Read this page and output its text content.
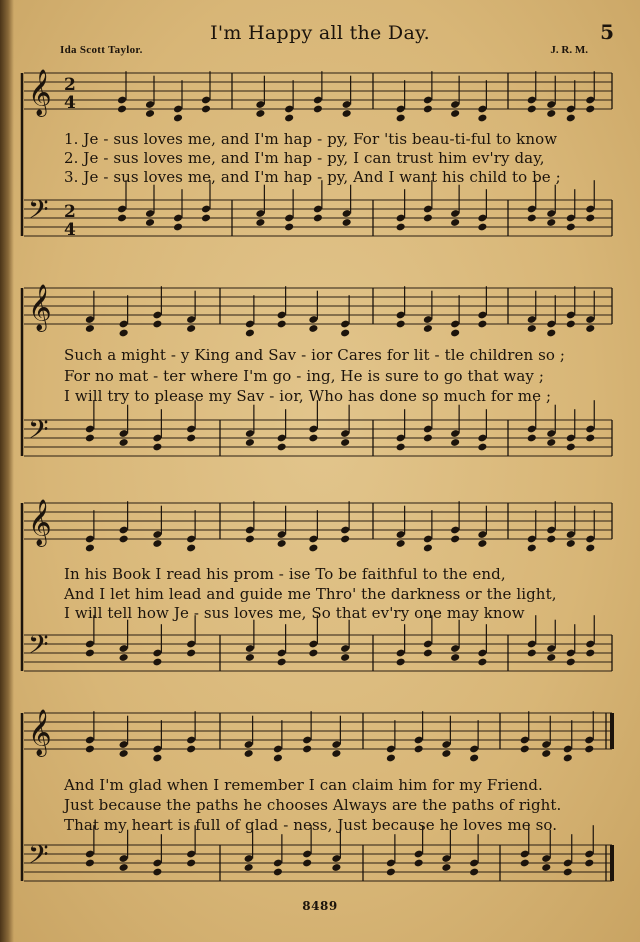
I'm Happy all the Day.	5
Ida Scott Taylor.	J. R. M.
𝄞 2
4
𝄢 2
4
1. Je - sus loves me, and I'm hap - py, For 'tis beau-ti-ful to know
2. Je - sus loves me, and I'm hap - py, I can trust him ev'ry day,
3. Je - sus loves me, and I'm hap - py, And I want his child to be ;
𝄞
𝄢
Such a might - y King and Sav - ior Cares for lit - tle children so ;
For no mat - ter where I'm go - ing, He is sure to go that way ;
I will try to please my Sav - ior, Who has done so much for me ;
𝄞
𝄢
In his Book I read his prom - ise To be faithful to the end,
And I let him lead and guide me Thro' the darkness or the light,
I will tell how Je - sus loves me, So that ev'ry one may know
𝄞
𝄢
And I'm glad when I remember I can claim him for my Friend.
Just because the paths he chooses Always are the paths of right.
That my heart is full of glad - ness, Just because he loves me so.
8489
